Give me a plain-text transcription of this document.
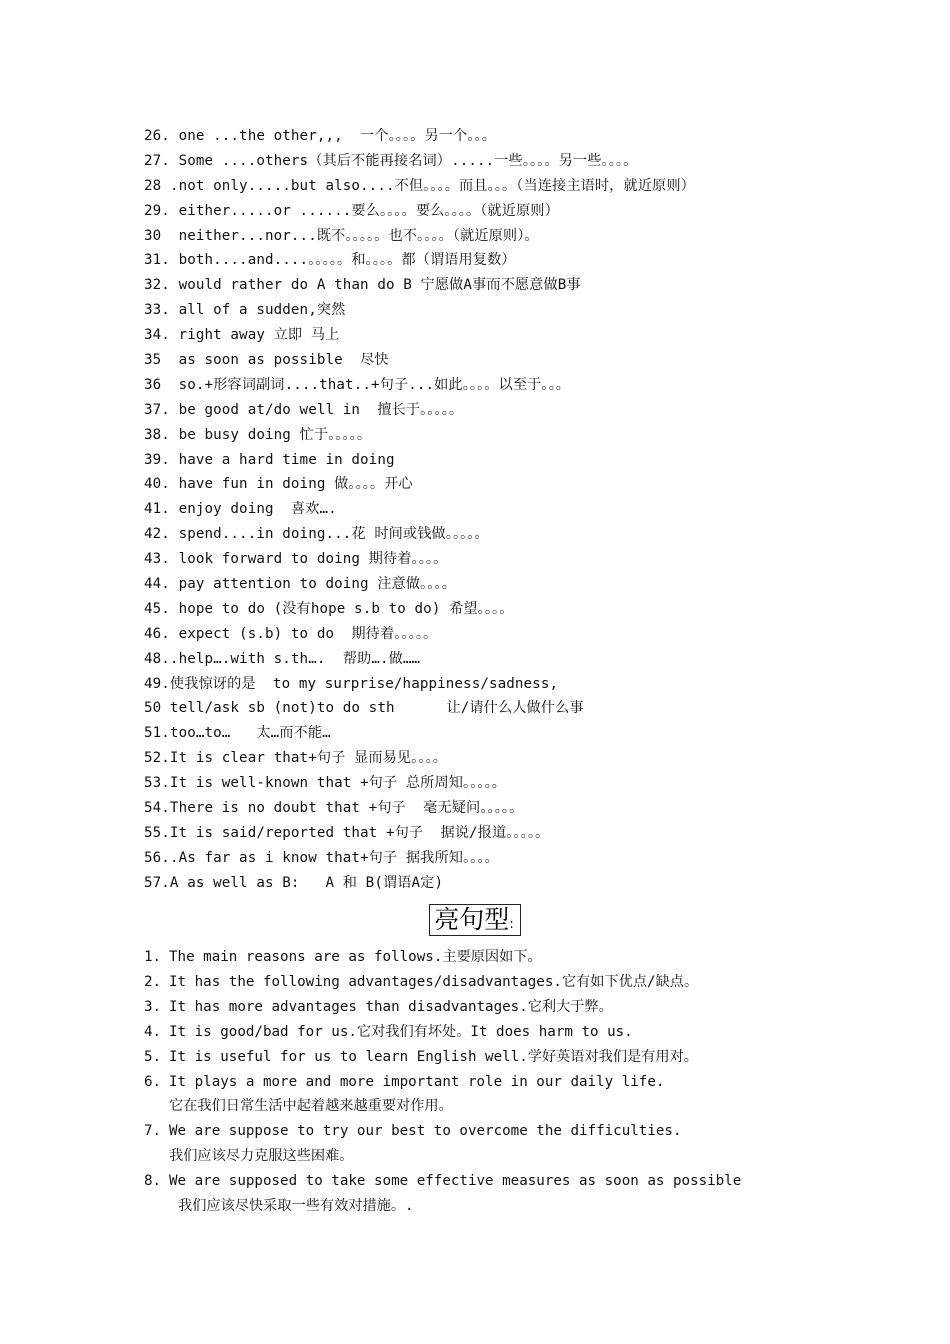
26. one ...the other,,,  一个。。。。另一个。。。
27. Some ....others（其后不能再接名词）.....一些。。。。另一些。。。。
28 .not only.....but also....不但。。。。而且。。。（当连接主语时，就近原则）
29. either.....or ......要么。。。。要么。。。。（就近原则）
30  neither...nor...既不。。。。。也不。。。。（就近原则）。
31. both....and....。。。。。和。。。。都（谓语用复数）
32. would rather do A than do B 宁愿做A事而不愿意做B事
33. all of a sudden,突然
34. right away 立即 马上
35  as soon as possible  尽快
36  so.+形容词副词....that..+句子...如此。。。。以至于。。。
37. be good at/do well in  擅长于。。。。。
38. be busy doing 忙于。。。。。
39. have a hard time in doing
40. have fun in doing 做。。。。开心
41. enjoy doing  喜欢….
42. spend....in doing...花 时间或钱做。。。。。
43. look forward to doing 期待着。。。。
44. pay attention to doing 注意做。。。。
45. hope to do (没有hope s.b to do) 希望。。。。
46. expect (s.b) to do  期待着。。。。。
48..help….with s.th….  帮助….做……
49.使我惊讶的是  to my surprise/happiness/sadness,
50 tell/ask sb (not)to do sth      让/请什么人做什么事
51.too…to…   太…而不能…
52.It is clear that+句子 显而易见。。。。
53.It is well-known that +句子 总所周知。。。。。
54.There is no doubt that +句子  毫无疑问。。。。。
55.It is said/reported that +句子  据说/报道。。。。。
56..As far as i know that+句子 据我所知。。。。
57.A as well as B:   A 和 B(谓语A定)
亮句型:
1. The main reasons are as follows.主要原因如下。
2. It has the following advantages/disadvantages.它有如下优点/缺点。
3. It has more advantages than disadvantages.它利大于弊。
4. It is good/bad for us.它对我们有坏处。It does harm to us.
5. It is useful for us to learn English well.学好英语对我们是有用对。
6. It plays a more and more important role in our daily life.
它在我们日常生活中起着越来越重要对作用。
7. We are suppose to try our best to overcome the difficulties.
我们应该尽力克服这些困难。
8. We are supposed to take some effective measures as soon as possible
我们应该尽快采取一些有效对措施。.
